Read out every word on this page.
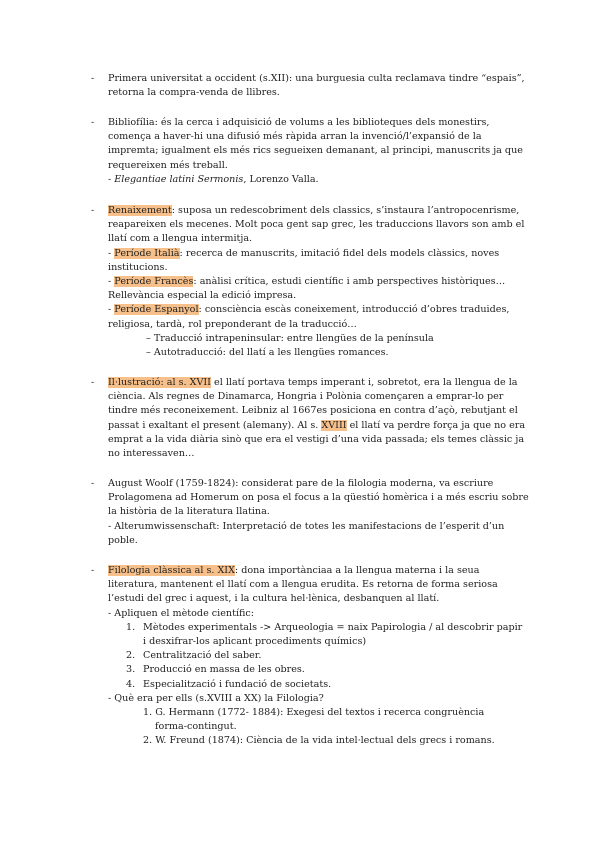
- Primera universitat a occident (s.XII): una burguesia culta reclamava tindre “espais”,
retorna la compra-venda de llibres.
- Bibliofília: és la cerca i adquisició de volums a les biblioteques dels monestirs,
comença a haver-hi una difusió més ràpida arran la invenció/l’expansió de la
impremta; igualment els més rics segueixen demanant, al principi, manuscrits ja que
requereixen més treball.
- Elegantiae latini Sermonis, Lorenzo Valla.
- Renaixement: suposa un redescobriment dels classics, s’instaura l’antropocenrisme,
reapareixen els mecenes. Molt poca gent sap grec, les traduccions llavors son amb el
llatí com a llengua intermitja.
- Període Italià: recerca de manuscrits, imitació fidel dels models clàssics, noves
institucions.
- Període Francès: anàlisi crítica, estudi científic i amb perspectives històriques…
Rellevància especial la edició impresa.
- Període Espanyol: consciència escàs coneixement, introducció d’obres traduides,
religiosa, tardà, rol preponderant de la traducció…
– Traducció intrapeninsular: entre llengües de la península
– Autotraducció: del llatí a les llengües romances.
- Il·lustració: al s. XVII el llatí portava temps imperant i, sobretot, era la llengua de la
ciència. Als regnes de Dinamarca, Hongria i Polònia començaren a emprar-lo per
tindre més reconeixement. Leibniz al 1667es posiciona en contra d’açò, rebutjant el
passat i exaltant el present (alemany). Al s. XVIII el llatí va perdre força ja que no era
emprat a la vida diària sinò que era el vestigi d’una vida passada; els temes clàssic ja
no interessaven…
- August Woolf (1759-1824): considerat pare de la filologia moderna, va escriure
Prolagomena ad Homerum on posa el focus a la qüestió homèrica i a més escriu sobre
la història de la literatura llatina.
- Alterumwissenschaft: Interpretació de totes les manifestacions de l’esperit d’un
poble.
- Filologia clàssica al s. XIX: dona importànciaa a la llengua materna i la seua
literatura, mantenent el llatí com a llengua erudita. Es retorna de forma seriosa
l’estudi del grec i aquest, i la cultura hel·lènica, desbanquen al llatí.
- Apliquen el mètode científic:
1. Mètodes experimentals -> Arqueologia = naix Papirologia / al descobrir papir
i desxifrar-los aplicant procediments químics)
2. Centralització del saber.
3. Producció en massa de les obres.
4. Especialització i fundació de societats.
- Què era per ells (s.XVIII a XX) la Filologia?
1. G. Hermann (1772- 1884): Exegesi del textos i recerca congruència
forma-contingut.
2. W. Freund (1874): Ciència de la vida intel·lectual dels grecs i romans.
